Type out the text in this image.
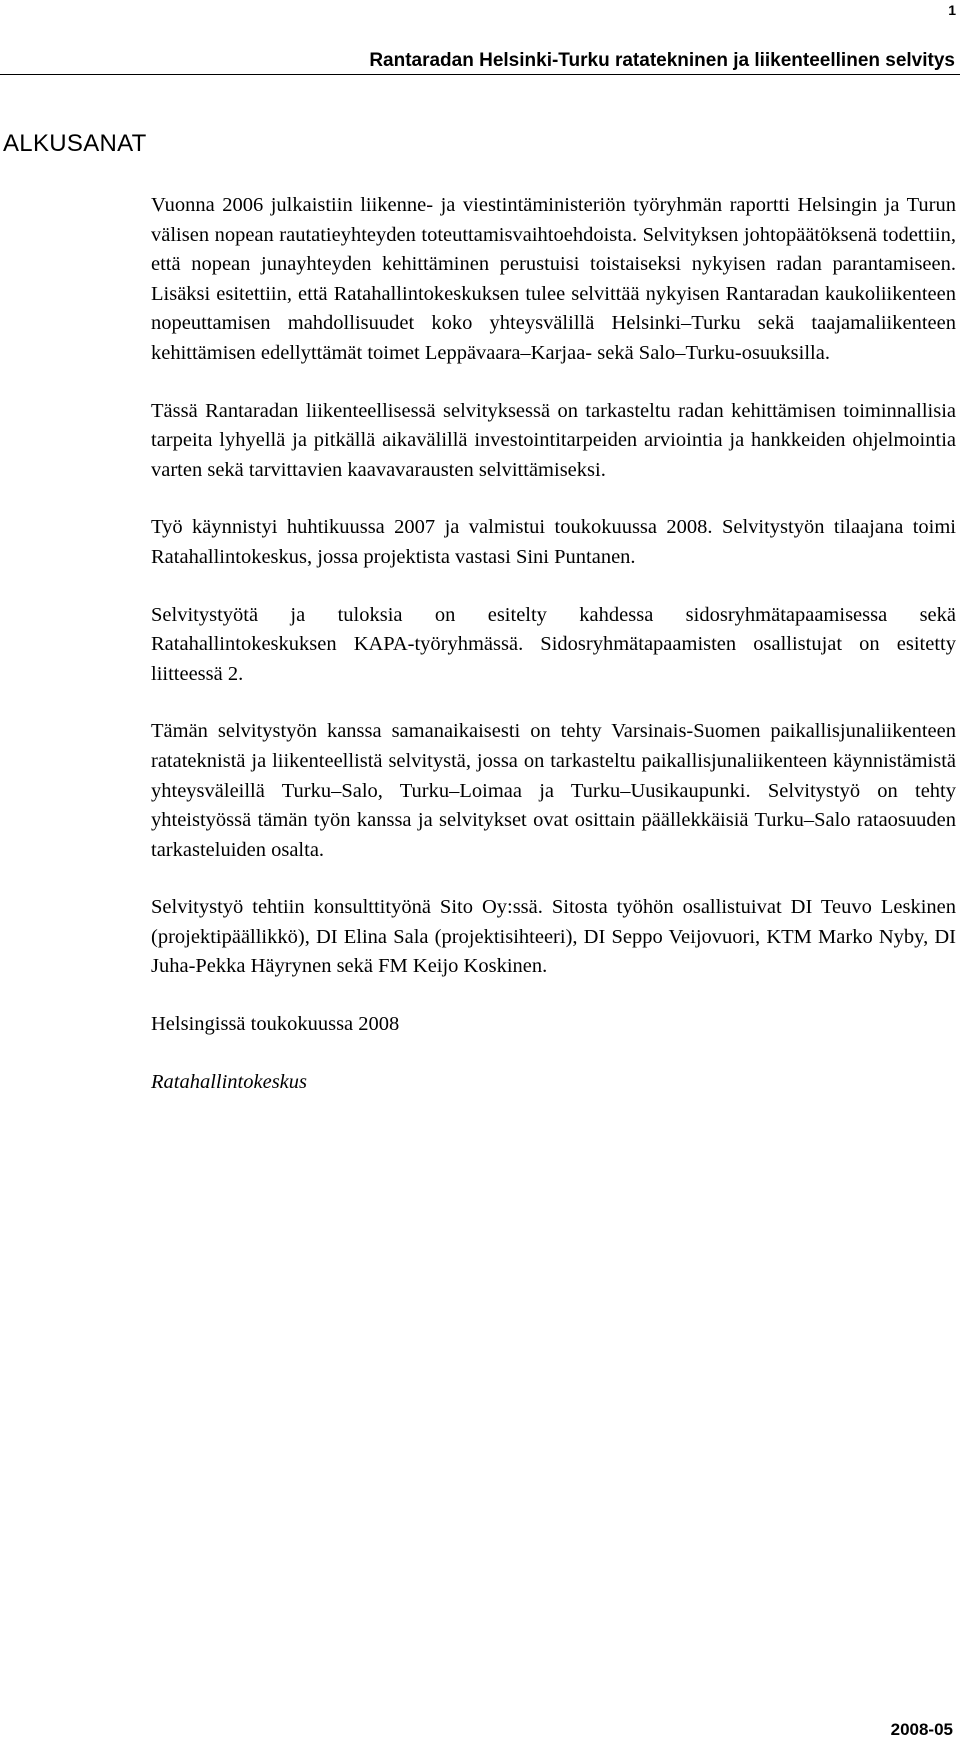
1
Rantaradan Helsinki-Turku ratatekninen ja liikenteellinen selvitys
ALKUSANAT

Vuonna 2006 julkaistiin liikenne- ja viestintäministeriön työryhmän raportti Helsingin ja Turun välisen nopean rautatieyhteyden toteuttamisvaihtoehdoista. Selvityksen johtopäätöksenä todettiin, että nopean junayhteyden kehittäminen perustuisi toistaiseksi nykyisen radan parantamiseen. Lisäksi esitettiin, että Ratahallintokeskuksen tulee selvittää nykyisen Rantaradan kaukoliikenteen nopeuttamisen mahdollisuudet koko yhteysvälillä Helsinki–Turku sekä taajamaliikenteen kehittämisen edellyttämät toimet Leppävaara–Karjaa- sekä Salo–Turku-osuuksilla.

Tässä Rantaradan liikenteellisessä selvityksessä on tarkasteltu radan kehittämisen toiminnallisia tarpeita lyhyellä ja pitkällä aikavälillä investointitarpeiden arviointia ja hankkeiden ohjelmointia varten sekä tarvittavien kaavavarausten selvittämiseksi.

Työ käynnistyi huhtikuussa 2007 ja valmistui toukokuussa 2008. Selvitystyön tilaajana toimi Ratahallintokeskus, jossa projektista vastasi Sini Puntanen.

Selvitystyötä ja tuloksia on esitelty kahdessa sidosryhmätapaamisessa sekä Ratahallintokeskuksen KAPA-työryhmässä. Sidosryhmätapaamisten osallistujat on esitetty liitteessä 2.

Tämän selvitystyön kanssa samanaikaisesti on tehty Varsinais-Suomen paikallisjunaliikenteen ratateknistä ja liikenteellistä selvitystä, jossa on tarkasteltu paikallisjunaliikenteen käynnistämistä yhteysväleillä Turku–Salo, Turku–Loimaa ja Turku–Uusikaupunki. Selvitystyö on tehty yhteistyössä tämän työn kanssa ja selvitykset ovat osittain päällekkäisiä Turku–Salo rataosuuden tarkasteluiden osalta.

Selvitystyö tehtiin konsulttityönä Sito Oy:ssä. Sitosta työhön osallistuivat DI Teuvo Leskinen (projektipäällikkö), DI Elina Sala (projektisihteeri), DI Seppo Veijovuori, KTM Marko Nyby, DI Juha-Pekka Häyrynen sekä FM Keijo Koskinen.

Helsingissä toukokuussa 2008

Ratahallintokeskus

2008-05
